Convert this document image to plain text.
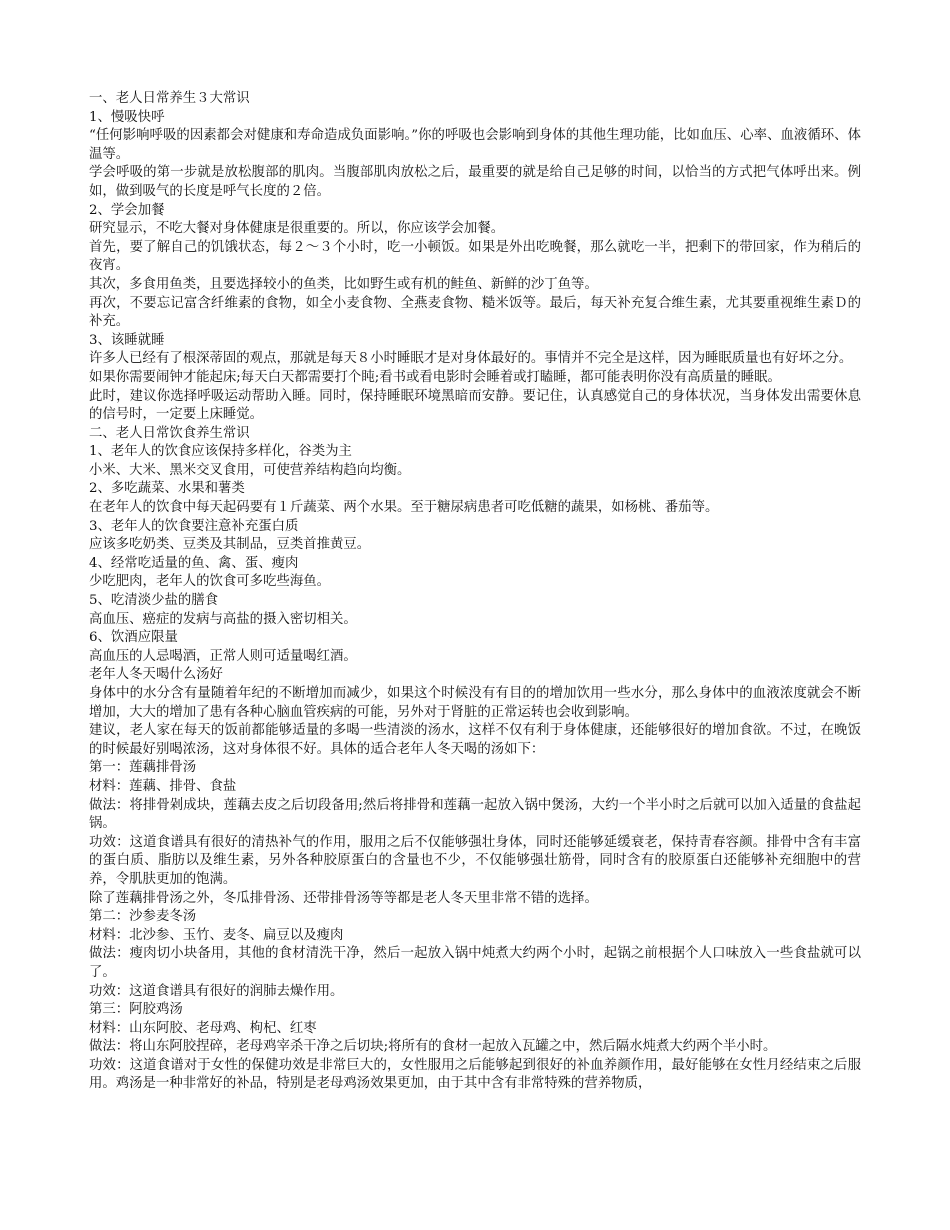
一、老人日常养生３大常识

1、慢吸快呼

“任何影响呼吸的因素都会对健康和寿命造成负面影响。”你的呼吸也会影响到身体的其他生理功能，比如血压、心率、血液循环、体温等。

学会呼吸的第一步就是放松腹部的肌肉。当腹部肌肉放松之后，最重要的就是给自己足够的时间，以恰当的方式把气体呼出来。例如，做到吸气的长度是呼气长度的２倍。

2、学会加餐

研究显示，不吃大餐对身体健康是很重要的。所以，你应该学会加餐。

首先，要了解自己的饥饿状态，每２～３个小时，吃一小顿饭。如果是外出吃晚餐，那么就吃一半，把剩下的带回家，作为稍后的夜宵。

其次，多食用鱼类，且要选择较小的鱼类，比如野生或有机的鲑鱼、新鲜的沙丁鱼等。

再次，不要忘记富含纤维素的食物，如全小麦食物、全燕麦食物、糙米饭等。最后，每天补充复合维生素，尤其要重视维生素Ｄ的补充。

3、该睡就睡

许多人已经有了根深蒂固的观点，那就是每天８小时睡眠才是对身体最好的。事情并不完全是这样，因为睡眠质量也有好坏之分。

如果你需要闹钟才能起床;每天白天都需要打个盹;看书或看电影时会睡着或打瞌睡，都可能表明你没有高质量的睡眠。

此时，建议你选择呼吸运动帮助入睡。同时，保持睡眠环境黑暗而安静。要记住，认真感觉自己的身体状况，当身体发出需要休息的信号时，一定要上床睡觉。

二、老人日常饮食养生常识

1、老年人的饮食应该保持多样化，谷类为主

小米、大米、黑米交叉食用，可使营养结构趋向均衡。

2、多吃蔬菜、水果和薯类

在老年人的饮食中每天起码要有１斤蔬菜、两个水果。至于糖尿病患者可吃低糖的蔬果，如杨桃、番茄等。

3、老年人的饮食要注意补充蛋白质

应该多吃奶类、豆类及其制品，豆类首推黄豆。

4、经常吃适量的鱼、禽、蛋、瘦肉

少吃肥肉，老年人的饮食可多吃些海鱼。

5、吃清淡少盐的膳食

高血压、癌症的发病与高盐的摄入密切相关。

6、饮酒应限量

高血压的人忌喝酒，正常人则可适量喝红酒。

老年人冬天喝什么汤好

身体中的水分含有量随着年纪的不断增加而减少，如果这个时候没有有目的的增加饮用一些水分，那么身体中的血液浓度就会不断增加，大大的增加了患有各种心脑血管疾病的可能，另外对于肾脏的正常运转也会收到影响。

建议，老人家在每天的饭前都能够适量的多喝一些清淡的汤水，这样不仅有利于身体健康，还能够很好的增加食欲。不过，在晚饭的时候最好别喝浓汤，这对身体很不好。具体的适合老年人冬天喝的汤如下：

第一：莲藕排骨汤

材料：莲藕、排骨、食盐

做法：将排骨剁成块，莲藕去皮之后切段备用;然后将排骨和莲藕一起放入锅中煲汤，大约一个半小时之后就可以加入适量的食盐起锅。

功效：这道食谱具有很好的清热补气的作用，服用之后不仅能够强壮身体，同时还能够延缓衰老，保持青春容颜。排骨中含有丰富的蛋白质、脂肪以及维生素，另外各种胶原蛋白的含量也不少，不仅能够强壮筋骨，同时含有的胶原蛋白还能够补充细胞中的营养，令肌肤更加的饱满。

除了莲藕排骨汤之外，冬瓜排骨汤、还带排骨汤等等都是老人冬天里非常不错的选择。

第二：沙参麦冬汤

材料：北沙参、玉竹、麦冬、扁豆以及瘦肉

做法：瘦肉切小块备用，其他的食材清洗干净，然后一起放入锅中炖煮大约两个小时，起锅之前根据个人口味放入一些食盐就可以了。

功效：这道食谱具有很好的润肺去燥作用。

第三：阿胶鸡汤

材料：山东阿胶、老母鸡、枸杞、红枣

做法：将山东阿胶捏碎，老母鸡宰杀干净之后切块;将所有的食材一起放入瓦罐之中，然后隔水炖煮大约两个半小时。

功效：这道食谱对于女性的保健功效是非常巨大的，女性服用之后能够起到很好的补血养颜作用，最好能够在女性月经结束之后服用。鸡汤是一种非常好的补品，特别是老母鸡汤效果更加，由于其中含有非常特殊的营养物质，
